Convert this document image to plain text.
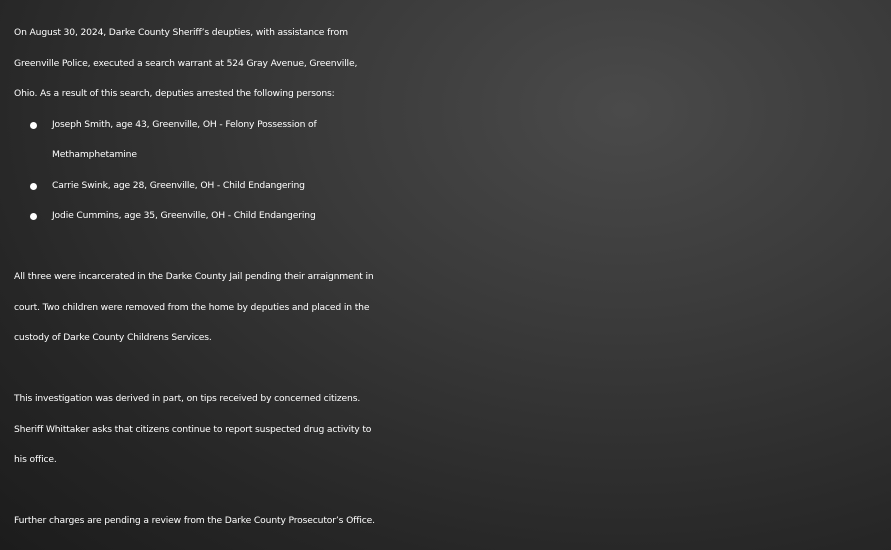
On August 30, 2024, Darke County Sheriff’s deupties, with assistance from
Greenville Police, executed a search warrant at 524 Gray Avenue, Greenville,
Ohio. As a result of this search, deputies arrested the following persons:

Joseph Smith, age 43, Greenville, OH - Felony Possession of
Methamphetamine
Carrie Swink, age 28, Greenville, OH - Child Endangering
Jodie Cummins, age 35, Greenville, OH - Child Endangering

All three were incarcerated in the Darke County Jail pending their arraignment in
court. Two children were removed from the home by deputies and placed in the
custody of Darke County Childrens Services.

This investigation was derived in part, on tips received by concerned citizens.
Sheriff Whittaker asks that citizens continue to report suspected drug activity to
his office.

Further charges are pending a review from the Darke County Prosecutor’s Office.
